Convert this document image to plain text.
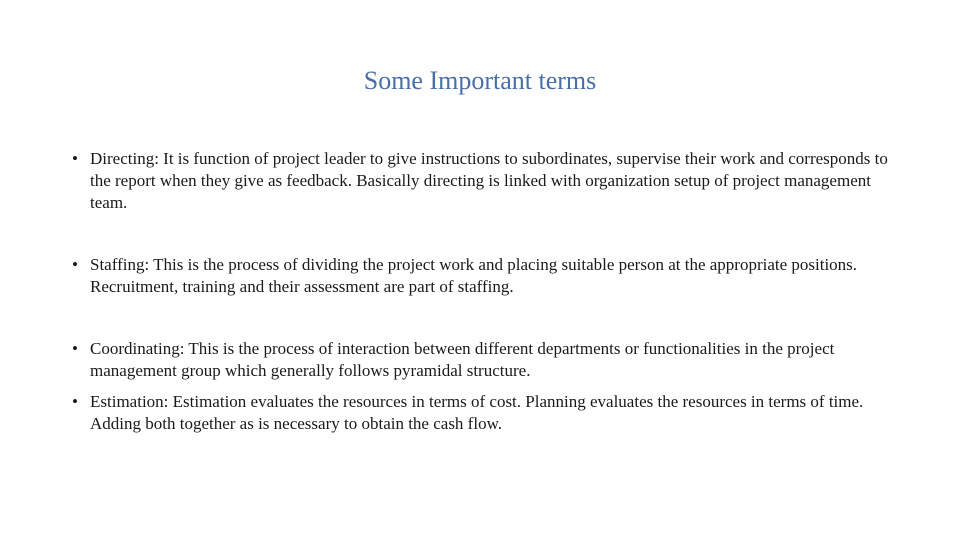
Some Important terms
• Directing: It is function of project leader to give instructions to subordinates, supervise their work and corresponds to the report when they give as feedback. Basically directing is linked with organization setup of project management team.
• Staffing: This is the process of dividing the project work and placing suitable person at the appropriate positions. Recruitment, training and their assessment are part of staffing.
• Coordinating: This is the process of interaction between different departments or functionalities in the project management group which generally follows pyramidal structure.
• Estimation: Estimation evaluates the resources in terms of cost. Planning evaluates the resources in terms of time. Adding both together as is necessary to obtain the cash flow.
